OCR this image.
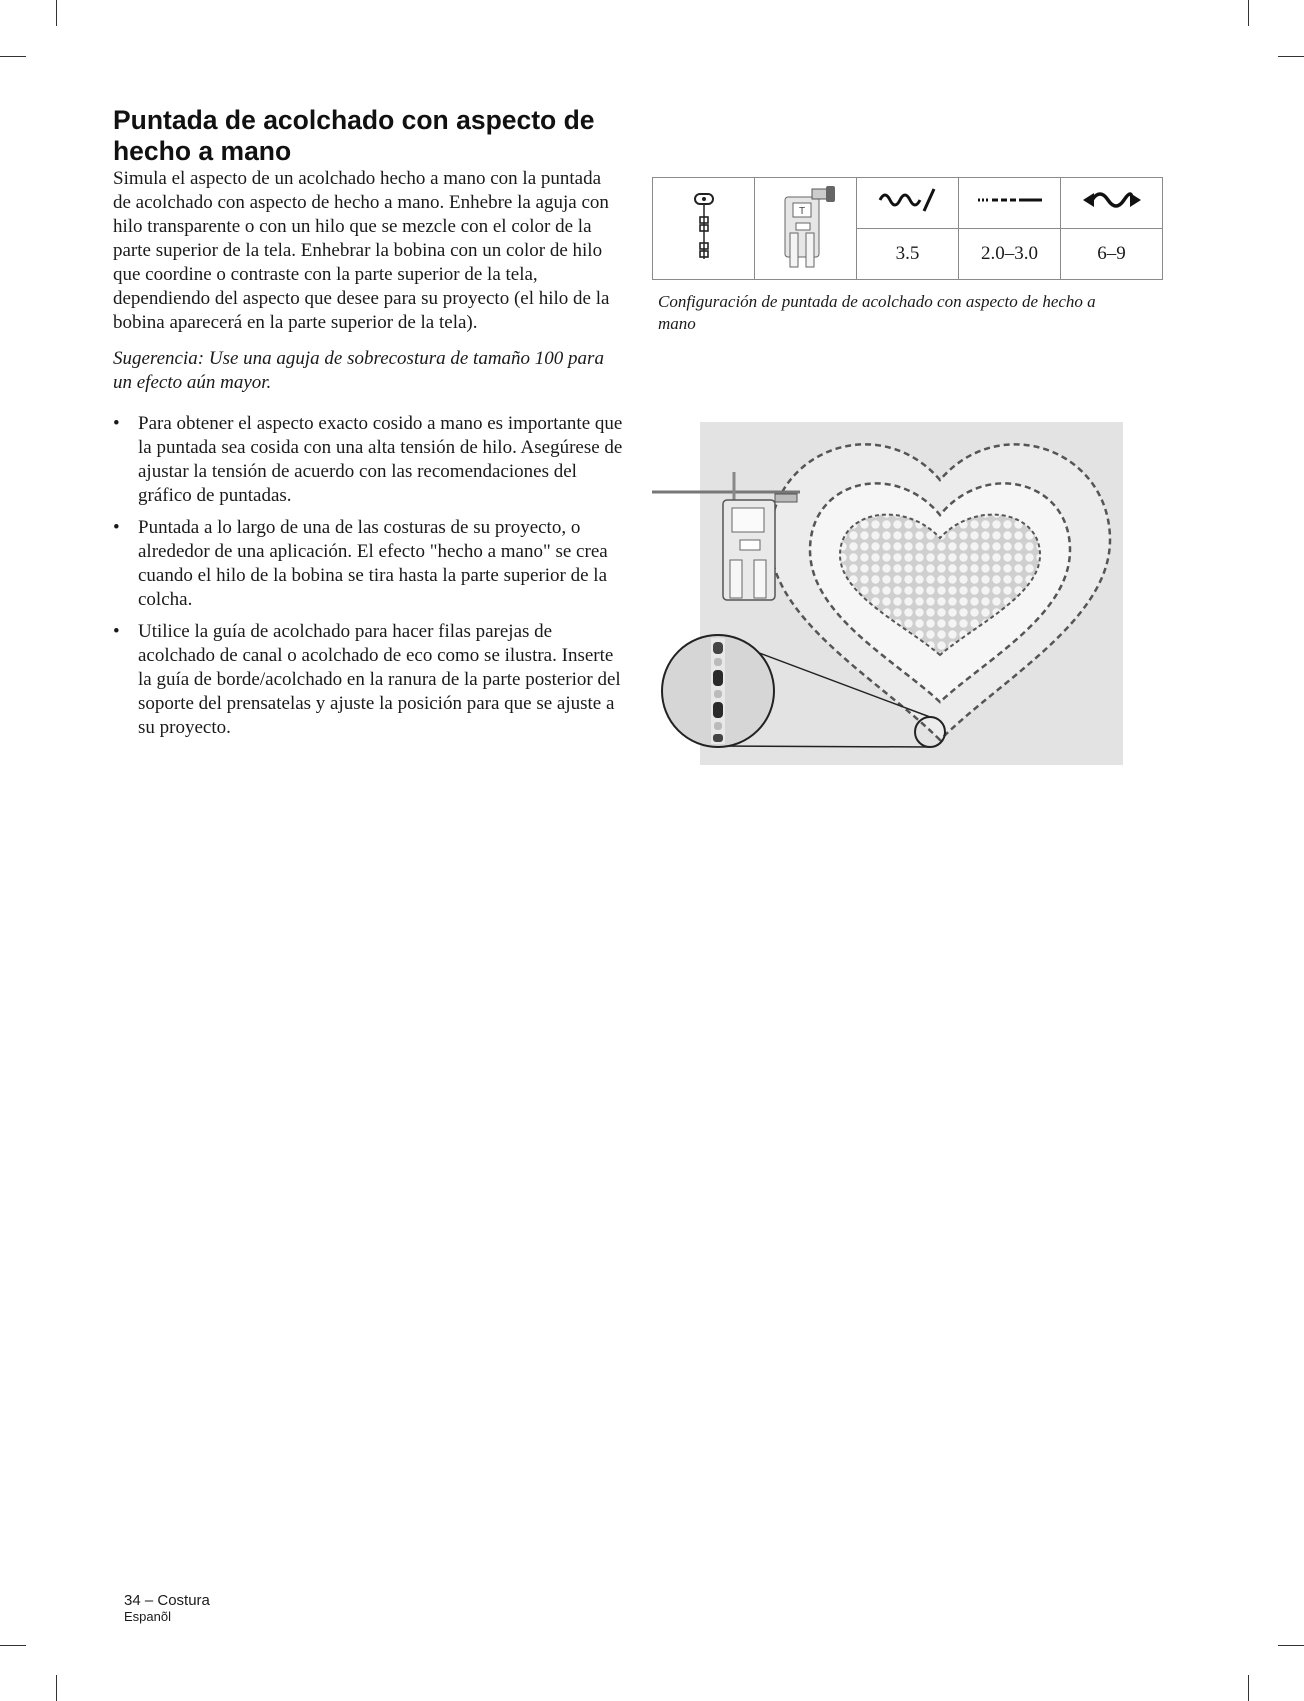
Puntada de acolchado con aspecto de hecho a mano

Simula el aspecto de un acolchado hecho a mano con la puntada de acolchado con aspecto de hecho a mano. Enhebre la aguja con hilo transparente o con un hilo que se mezcle con el color de la parte superior de la tela. Enhebrar la bobina con un color de hilo que coordine o contraste con la parte superior de la tela, dependiendo del aspecto que desee para su proyecto (el hilo de la bobina aparecerá en la parte superior de la tela).

Sugerencia: Use una aguja de sobrecostura de tamaño 100 para un efecto aún mayor.

• Para obtener el aspecto exacto cosido a mano es importante que la puntada sea cosida con una alta tensión de hilo. Asegúrese de ajustar la tensión de acuerdo con las recomendaciones del gráfico de puntadas.
• Puntada a lo largo de una de las costuras de su proyecto, o alrededor de una aplicación. El efecto "hecho a mano" se crea cuando el hilo de la bobina se tira hasta la parte superior de la colcha.
• Utilice la guía de acolchado para hacer filas parejas de acolchado de canal o acolchado de eco como se ilustra. Inserte la guía de borde/acolchado en la ranura de la parte posterior del soporte del prensatelas y ajuste la posición para que se ajuste a su proyecto.

T

		3.5	2.0–3.0	6–9
Configuración de puntada de acolchado con aspecto de hecho a mano
34 – Costura
Espanõl
